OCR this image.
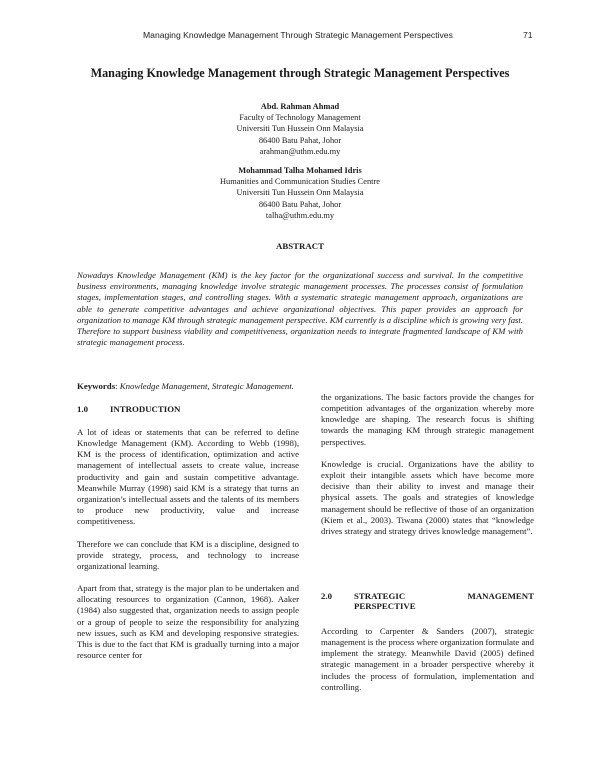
Managing Knowledge Management Through Strategic Management Perspectives	71
Managing Knowledge Management through Strategic Management Perspectives
Abd. Rahman Ahmad
Faculty of Technology Management
Universiti Tun Hussein Onn Malaysia
86400 Batu Pahat, Johor
arahman@uthm.edu.my
Mohammad Talha Mohamed Idris
Humanities and Communication Studies Centre
Universiti Tun Hussein Onn Malaysia
86400 Batu Pahat, Johor
talha@uthm.edu.my
ABSTRACT

Nowadays Knowledge Management (KM) is the key factor for the organizational success and survival. In the competitive business environments, managing knowledge involve strategic management processes. The processes consist of formulation stages, implementation stages, and controlling stages. With a systematic strategic management approach, organizations are able to generate competitive advantages and achieve organizational objectives. This paper provides an approach for organization to manage KM through strategic management perspective. KM currently is a discipline which is growing very fast. Therefore to support business viability and competitiveness, organization needs to integrate fragmented landscape of KM with strategic management process.

Keywords: Knowledge Management, Strategic Management.
1.0	INTRODUCTION

A lot of ideas or statements that can be referred to define Knowledge Management (KM). According to Webb (1998), KM is the process of identification, optimization and active management of intellectual assets to create value, increase productivity and gain and sustain competitive advantage. Meanwhile Murray (1998) said KM is a strategy that turns an organization’s intellectual assets and the talents of its members to produce new productivity, value and increase competitiveness.

Therefore we can conclude that KM is a discipline, designed to provide strategy, process, and technology to increase organizational learning.

Apart from that, strategy is the major plan to be undertaken and allocating resources to organization (Cannon, 1968). Aaker (1984) also suggested that, organization needs to assign people or a group of people to seize the responsibility for analyzing new issues, such as KM and developing responsive strategies. This is due to the fact that KM is gradually turning into a major resource center for

the organizations. The basic factors provide the changes for competition advantages of the organization whereby more knowledge are shaping. The research focus is shifting towards the managing KM through strategic management perspectives.

Knowledge is crucial. Organizations have the ability to exploit their intangible assets which have become more decisive than their ability to invest and manage their physical assets. The goals and strategies of knowledge management should be reflective of those of an organization (Kiem et al., 2003). Tiwana (2000) states that “knowledge drives strategy and strategy drives knowledge management”.

2.0	STRATEGIC	MANAGEMENT
PERSPECTIVE

According to Carpenter & Sanders (2007), strategic management is the process where organization formulate and implement the strategy. Meanwhile David (2005) defined strategic management in a broader perspective whereby it includes the process of formulation, implementation and controlling.
